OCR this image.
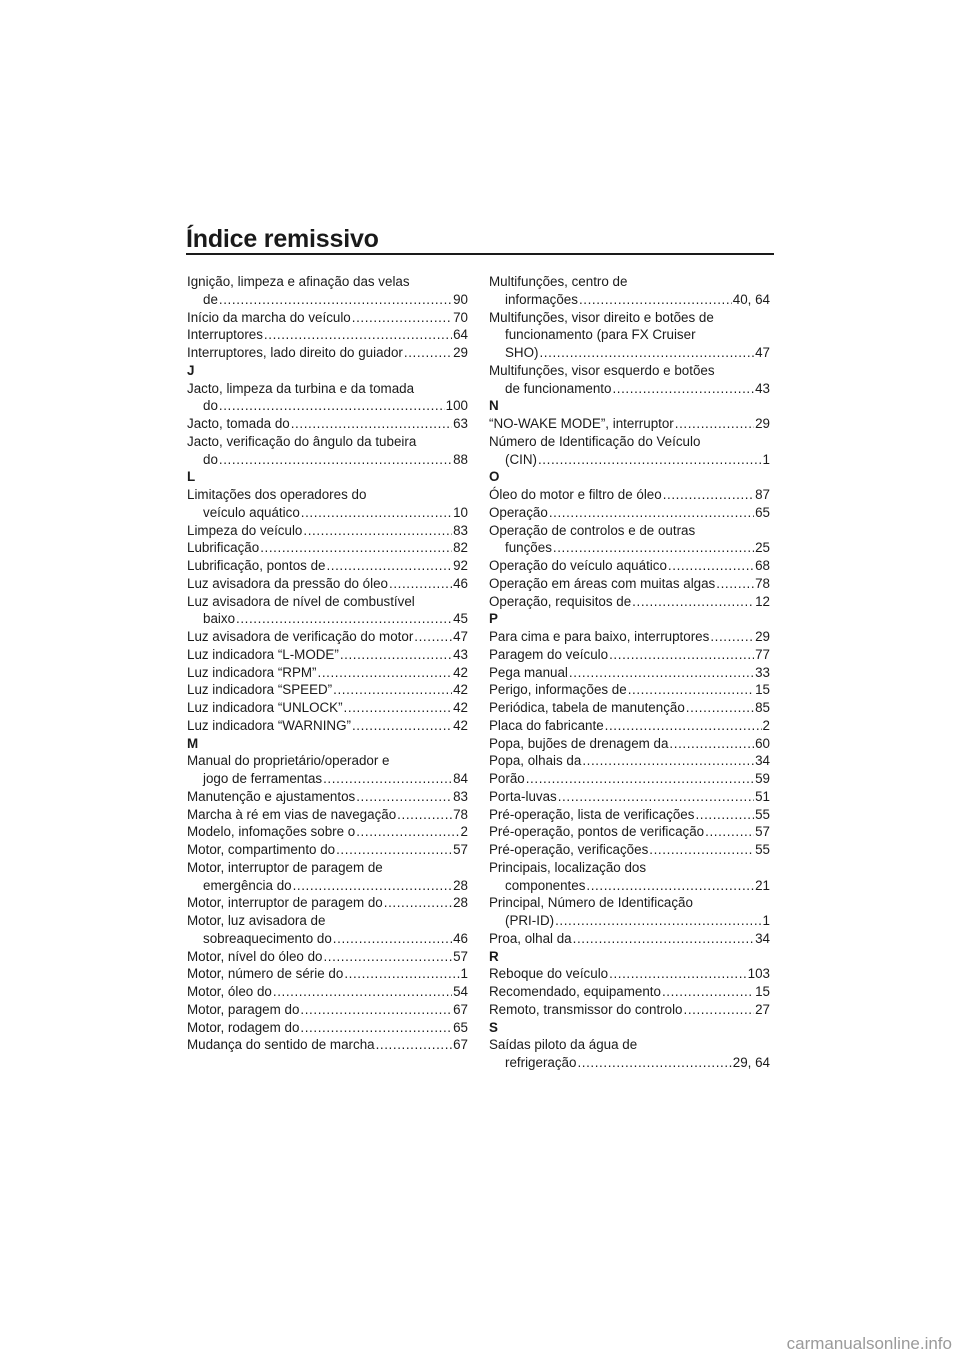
Índice remissivo
Ignição, limpeza e afinação das velas
de .....	90
Início da marcha do veículo .....	70
Interruptores .....	64
Interruptores, lado direito do guiador .....	29
J
Jacto, limpeza da turbina e da tomada
do .....	100
Jacto, tomada do .....	63
Jacto, verificação do ângulo da tubeira
do .....	88
L
Limitações dos operadores do
veículo aquático .....	10
Limpeza do veículo .....	83
Lubrificação .....	82
Lubrificação, pontos de .....	92
Luz avisadora da pressão do óleo .....	46
Luz avisadora de nível de combustível
baixo .....	45
Luz avisadora de verificação do motor .....	47
Luz indicadora “L-MODE” .....	43
Luz indicadora “RPM” .....	42
Luz indicadora “SPEED” .....	42
Luz indicadora “UNLOCK” .....	42
Luz indicadora “WARNING” .....	42
M
Manual do proprietário/operador e
jogo de ferramentas .....	84
Manutenção e ajustamentos .....	83
Marcha à ré em vias de navegação .....	78
Modelo, infomações sobre o .....	2
Motor, compartimento do .....	57
Motor, interruptor de paragem de
emergência do .....	28
Motor, interruptor de paragem do .....	28
Motor, luz avisadora de
sobreaquecimento do .....	46
Motor, nível do óleo do .....	57
Motor, número de série do .....	1
Motor, óleo do .....	54
Motor, paragem do .....	67
Motor, rodagem do .....	65
Mudança do sentido de marcha .....	67
Multifunções, centro de
informações .....	40, 64
Multifunções, visor direito e botões de
funcionamento (para FX Cruiser
SHO) .....	47
Multifunções, visor esquerdo e botões
de funcionamento .....	43
N
“NO-WAKE MODE”, interruptor .....	29
Número de Identificação do Veículo
(CIN) .....	1
O
Óleo do motor e filtro de óleo .....	87
Operação .....	65
Operação de controlos e de outras
funções .....	25
Operação do veículo aquático .....	68
Operação em áreas com muitas algas .....	78
Operação, requisitos de .....	12
P
Para cima e para baixo, interruptores .....	29
Paragem do veículo .....	77
Pega manual .....	33
Perigo, informações de .....	15
Periódica, tabela de manutenção .....	85
Placa do fabricante .....	2
Popa, bujões de drenagem da .....	60
Popa, olhais da .....	34
Porão .....	59
Porta-luvas .....	51
Pré-operação, lista de verificações .....	55
Pré-operação, pontos de verificação .....	57
Pré-operação, verificações .....	55
Principais, localização dos
componentes .....	21
Principal, Número de Identificação
(PRI-ID) .....	1
Proa, olhal da .....	34
R
Reboque do veículo .....	103
Recomendado, equipamento .....	15
Remoto, transmissor do controlo .....	27
S
Saídas piloto da água de
refrigeração .....	29, 64
carmanualsonline.info
